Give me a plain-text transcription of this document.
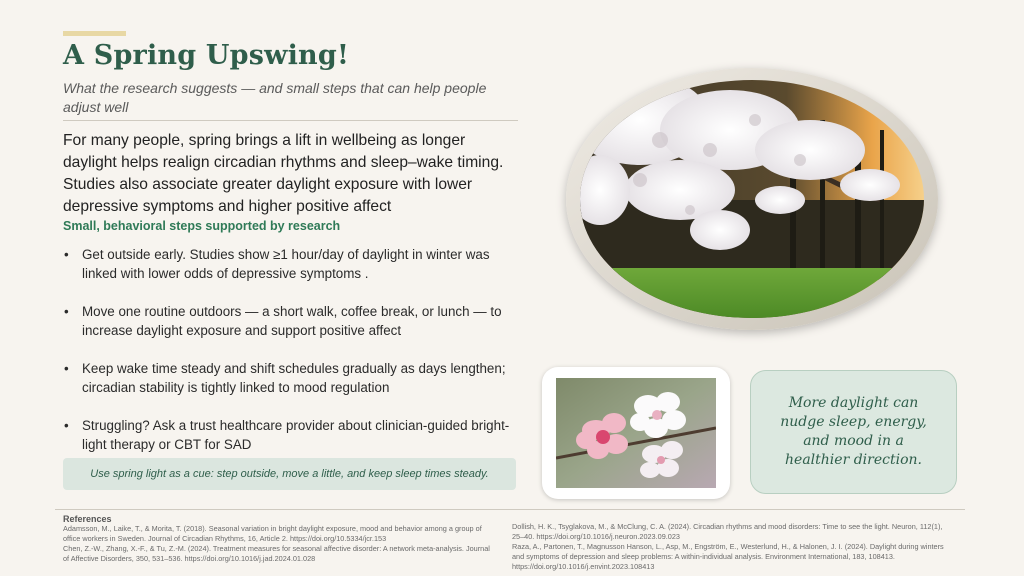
A Spring Upswing!

What the research suggests — and small steps that can help people adjust well

For many people, spring brings a lift in wellbeing as longer daylight helps realign circadian rhythms and sleep–wake timing. Studies also associate greater daylight exposure with lower depressive symptoms and higher positive affect

Small, behavioral steps supported by research
• Get outside early. Studies show ≥1 hour/day of daylight in winter was linked with lower odds of depressive symptoms .
• Move one routine outdoors — a short walk, coffee break, or lunch — to increase daylight exposure and support positive affect
• Keep wake time steady and shift schedules gradually as days lengthen; circadian stability is tightly linked to mood regulation
• Struggling? Ask a trust healthcare provider about clinician-guided bright-light therapy or CBT for SAD
Use spring light as a cue: step outside, move a little, and keep sleep times steady.
More daylight can nudge sleep, energy, and mood in a healthier direction.
References

Adamsson, M., Laike, T., & Morita, T. (2018). Seasonal variation in bright daylight exposure, mood and behavior among a group of office workers in Sweden. Journal of Circadian Rhythms, 16, Article 2. https://doi.org/10.5334/jcr.153

Chen, Z.-W., Zhang, X.-F., & Tu, Z.-M. (2024). Treatment measures for seasonal affective disorder: A network meta-analysis. Journal of Affective Disorders, 350, 531–536. https://doi.org/10.1016/j.jad.2024.01.028

Dollish, H. K., Tsyglakova, M., & McClung, C. A. (2024). Circadian rhythms and mood disorders: Time to see the light. Neuron, 112(1), 25–40. https://doi.org/10.1016/j.neuron.2023.09.023

Raza, A., Partonen, T., Magnusson Hanson, L., Asp, M., Engström, E., Westerlund, H., & Halonen, J. I. (2024). Daylight during winters and symptoms of depression and sleep problems: A within-individual analysis. Environment International, 183, 108413. https://doi.org/10.1016/j.envint.2023.108413
